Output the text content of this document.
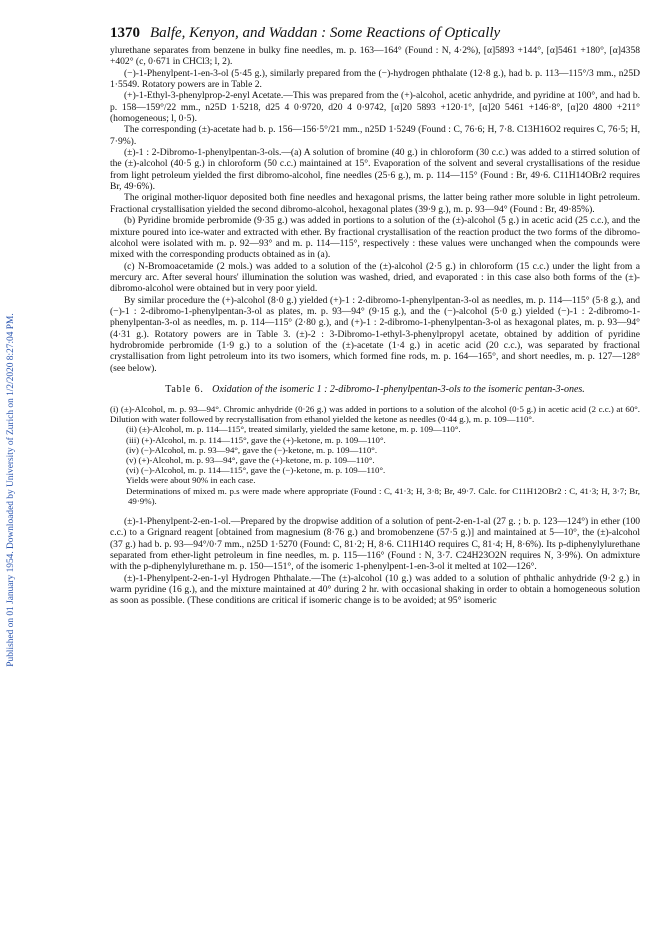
Published on 01 January 1954. Downloaded by University of Zurich on 1/2/2020 8:27:04 PM.
1370 Balfe, Kenyon, and Waddan : Some Reactions of Optically

ylurethane separates from benzene in bulky fine needles, m. p. 163—164° (Found : N, 4·2%), [α]5893 +144°, [α]5461 +180°, [α]4358 +402° (c, 0·671 in CHCl3; l, 2).

(−)-1-Phenylpent-1-en-3-ol (5·45 g.), similarly prepared from the (−)-hydrogen phthalate (12·8 g.), had b. p. 113—115°/3 mm., n25D 1·5549. Rotatory powers are in Table 2.

(+)-1-Ethyl-3-phenylprop-2-enyl Acetate.—This was prepared from the (+)-alcohol, acetic anhydride, and pyridine at 100°, and had b. p. 158—159°/22 mm., n25D 1·5218, d25 4 0·9720, d20 4 0·9742, [α]20 5893 +120·1°, [α]20 5461 +146·8°, [α]20 4800 +211° (homogeneous; l, 0·5).

The corresponding (±)-acetate had b. p. 156—156·5°/21 mm., n25D 1·5249 (Found : C, 76·6; H, 7·8. C13H16O2 requires C, 76·5; H, 7·9%).

(±)-1 : 2-Dibromo-1-phenylpentan-3-ols.—(a) A solution of bromine (40 g.) in chloroform (30 c.c.) was added to a stirred solution of the (±)-alcohol (40·5 g.) in chloroform (50 c.c.) maintained at 15°. Evaporation of the solvent and several crystallisations of the residue from light petroleum yielded the first dibromo-alcohol, fine needles (25·6 g.), m. p. 114—115° (Found : Br, 49·6. C11H14OBr2 requires Br, 49·6%).

The original mother-liquor deposited both fine needles and hexagonal prisms, the latter being rather more soluble in light petroleum. Fractional crystallisation yielded the second dibromo-alcohol, hexagonal plates (39·9 g.), m. p. 93—94° (Found : Br, 49·85%).

(b) Pyridine bromide perbromide (9·35 g.) was added in portions to a solution of the (±)-alcohol (5 g.) in acetic acid (25 c.c.), and the mixture poured into ice-water and extracted with ether. By fractional crystallisation of the reaction product the two forms of the dibromo-alcohol were isolated with m. p. 92—93° and m. p. 114—115°, respectively : these values were unchanged when the compounds were mixed with the corresponding products obtained as in (a).

(c) N-Bromoacetamide (2 mols.) was added to a solution of the (±)-alcohol (2·5 g.) in chloroform (15 c.c.) under the light from a mercury arc. After several hours' illumination the solution was washed, dried, and evaporated : in this case also both forms of the (±)-dibromo-alcohol were obtained but in very poor yield.

By similar procedure the (+)-alcohol (8·0 g.) yielded (+)-1 : 2-dibromo-1-phenylpentan-3-ol as needles, m. p. 114—115° (5·8 g.), and (−)-1 : 2-dibromo-1-phenylpentan-3-ol as plates, m. p. 93—94° (9·15 g.), and the (−)-alcohol (5·0 g.) yielded (−)-1 : 2-dibromo-1-phenylpentan-3-ol as needles, m. p. 114—115° (2·80 g.), and (+)-1 : 2-dibromo-1-phenylpentan-3-ol as hexagonal plates, m. p. 93—94° (4·31 g.). Rotatory powers are in Table 3. (±)-2 : 3-Dibromo-1-ethyl-3-phenylpropyl acetate, obtained by addition of pyridine hydrobromide perbromide (1·9 g.) to a solution of the (±)-acetate (1·4 g.) in acetic acid (20 c.c.), was separated by fractional crystallisation from light petroleum into its two isomers, which formed fine rods, m. p. 164—165°, and short needles, m. p. 127—128° (see below).

Table 6. Oxidation of the isomeric 1 : 2-dibromo-1-phenylpentan-3-ols to the isomeric pentan-3-ones.

(i) (±)-Alcohol, m. p. 93—94°. Chromic anhydride (0·26 g.) was added in portions to a solution of the alcohol (0·5 g.) in acetic acid (2 c.c.) at 60°. Dilution with water followed by recrystallisation from ethanol yielded the ketone as needles (0·44 g.), m. p. 109—110°.

(ii) (±)-Alcohol, m. p. 114—115°, treated similarly, yielded the same ketone, m. p. 109—110°.

(iii) (+)-Alcohol, m. p. 114—115°, gave the (+)-ketone, m. p. 109—110°.

(iv) (−)-Alcohol, m. p. 93—94°, gave the (−)-ketone, m. p. 109—110°.

(v) (+)-Alcohol, m. p. 93—94°, gave the (+)-ketone, m. p. 109—110°.

(vi) (−)-Alcohol, m. p. 114—115°, gave the (−)-ketone, m. p. 109—110°.

Yields were about 90% in each case.

Determinations of mixed m. p.s were made where appropriate (Found : C, 41·3; H, 3·8; Br, 49·7. Calc. for C11H12OBr2 : C, 41·3; H, 3·7; Br, 49·9%).

(±)-1-Phenylpent-2-en-1-ol.—Prepared by the dropwise addition of a solution of pent-2-en-1-al (27 g. ; b. p. 123—124°) in ether (100 c.c.) to a Grignard reagent [obtained from magnesium (8·76 g.) and bromobenzene (57·5 g.)] and maintained at 5—10°, the (±)-alcohol (37 g.) had b. p. 93—94°/0·7 mm., n25D 1·5270 (Found: C, 81·2; H, 8·6. C11H14O requires C, 81·4; H, 8·6%). Its p-diphenylylurethane separated from ether-light petroleum in fine needles, m. p. 115—116° (Found : N, 3·7. C24H23O2N requires N, 3·9%). On admixture with the p-diphenylylurethane m. p. 150—151°, of the isomeric 1-phenylpent-1-en-3-ol it melted at 102—126°.

(±)-1-Phenylpent-2-en-1-yl Hydrogen Phthalate.—The (±)-alcohol (10 g.) was added to a solution of phthalic anhydride (9·2 g.) in warm pyridine (16 g.), and the mixture maintained at 40° during 2 hr. with occasional shaking in order to obtain a homogeneous solution as soon as possible. (These conditions are critical if isomeric change is to be avoided; at 95° isomeric
